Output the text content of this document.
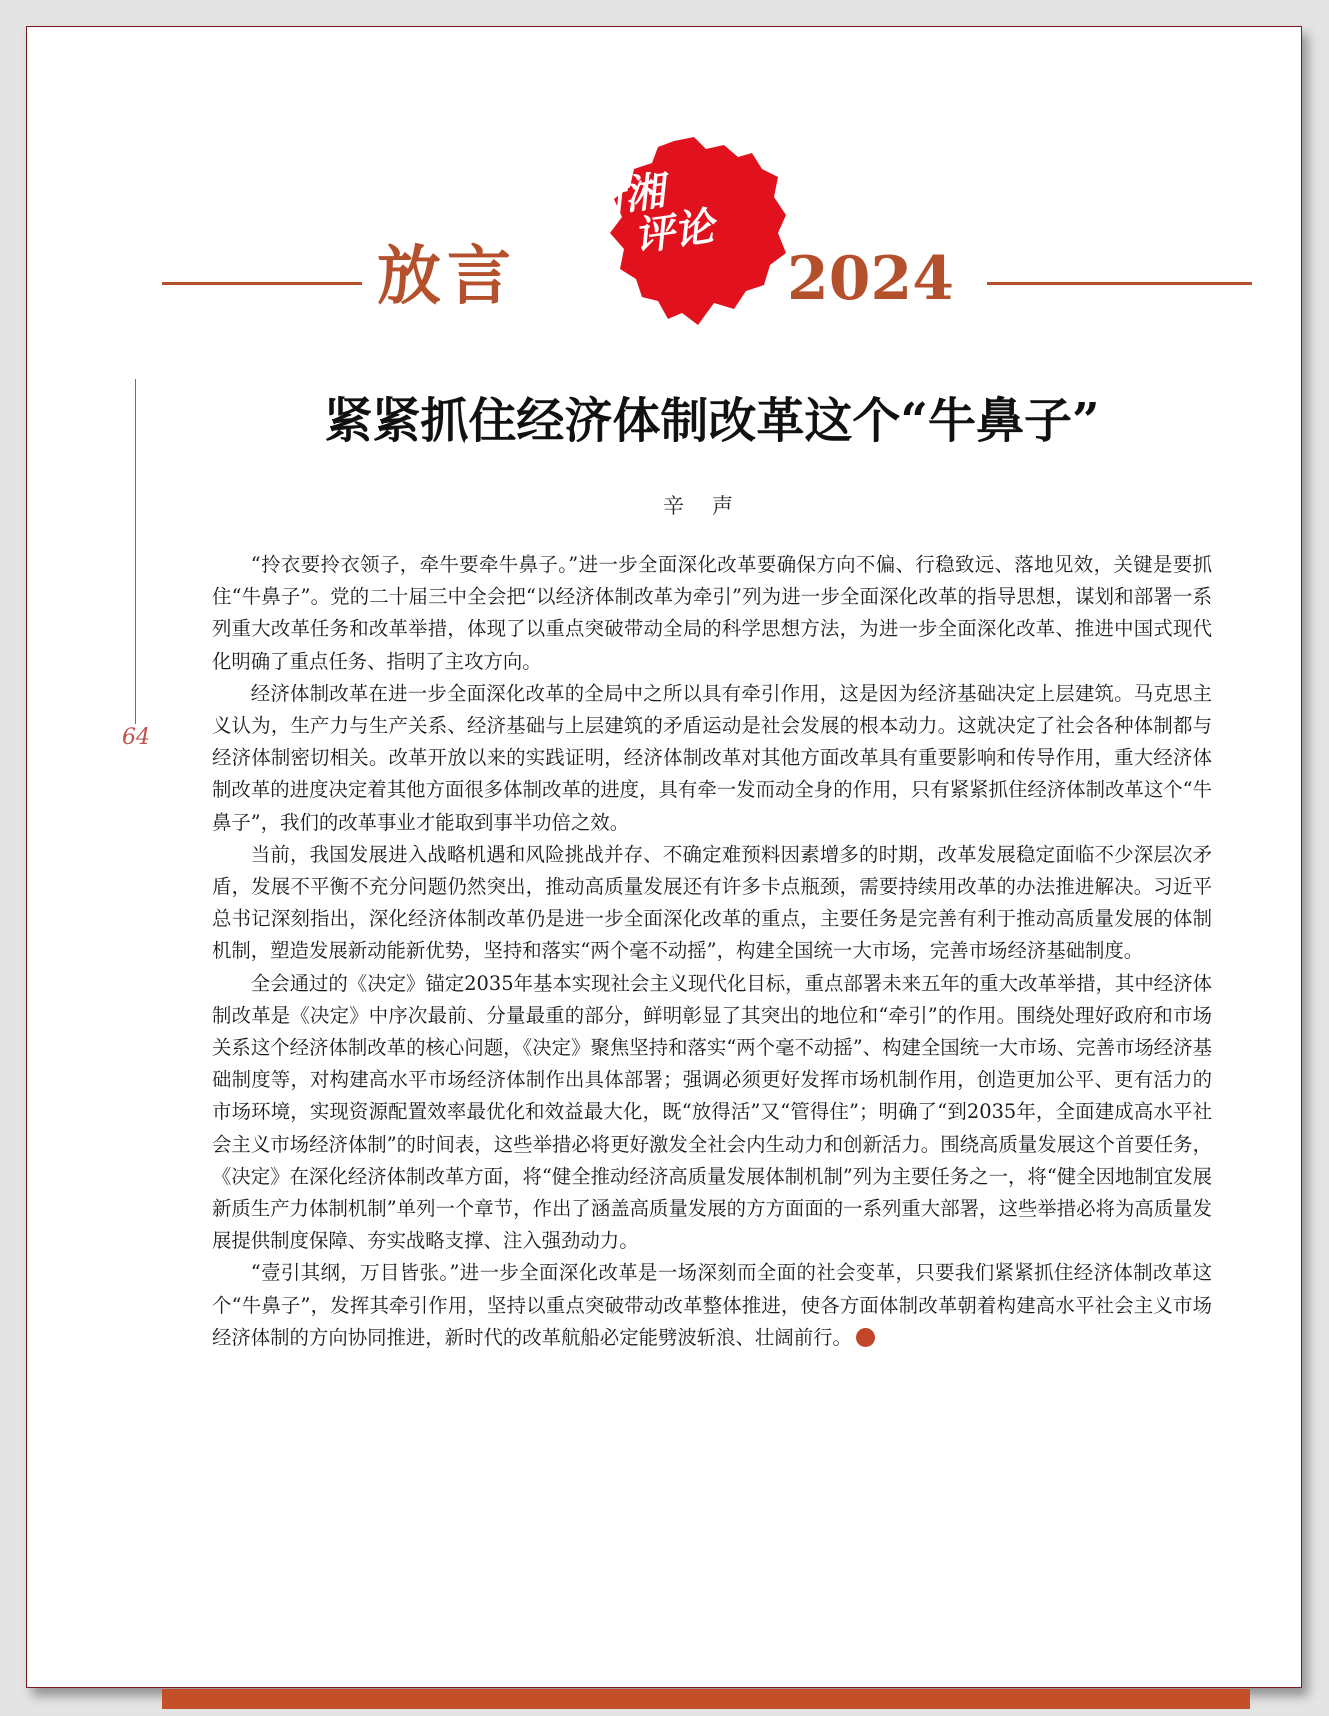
放言
新湘
评论
2024
64
紧紧抓住经济体制改革这个“牛鼻子”
辛声

“拎衣要拎衣领子，牵牛要牵牛鼻子。”进一步全面深化改革要确保方向不偏、行稳致远、落地见效，关键是要抓住“牛鼻子”。党的二十届三中全会把“以经济体制改革为牵引”列为进一步全面深化改革的指导思想，谋划和部署一系列重大改革任务和改革举措，体现了以重点突破带动全局的科学思想方法，为进一步全面深化改革、推进中国式现代化明确了重点任务、指明了主攻方向。

经济体制改革在进一步全面深化改革的全局中之所以具有牵引作用，这是因为经济基础决定上层建筑。马克思主义认为，生产力与生产关系、经济基础与上层建筑的矛盾运动是社会发展的根本动力。这就决定了社会各种体制都与经济体制密切相关。改革开放以来的实践证明，经济体制改革对其他方面改革具有重要影响和传导作用，重大经济体制改革的进度决定着其他方面很多体制改革的进度，具有牵一发而动全身的作用，只有紧紧抓住经济体制改革这个“牛鼻子”，我们的改革事业才能取到事半功倍之效。

当前，我国发展进入战略机遇和风险挑战并存、不确定难预料因素增多的时期，改革发展稳定面临不少深层次矛盾，发展不平衡不充分问题仍然突出，推动高质量发展还有许多卡点瓶颈，需要持续用改革的办法推进解决。习近平总书记深刻指出，深化经济体制改革仍是进一步全面深化改革的重点，主要任务是完善有利于推动高质量发展的体制机制，塑造发展新动能新优势，坚持和落实“两个毫不动摇”，构建全国统一大市场，完善市场经济基础制度。

全会通过的《决定》锚定2035年基本实现社会主义现代化目标，重点部署未来五年的重大改革举措，其中经济体制改革是《决定》中序次最前、分量最重的部分，鲜明彰显了其突出的地位和“牵引”的作用。围绕处理好政府和市场关系这个经济体制改革的核心问题，《决定》聚焦坚持和落实“两个毫不动摇”、构建全国统一大市场、完善市场经济基础制度等，对构建高水平市场经济体制作出具体部署；强调必须更好发挥市场机制作用，创造更加公平、更有活力的市场环境，实现资源配置效率最优化和效益最大化，既“放得活”又“管得住”；明确了“到2035年，全面建成高水平社会主义市场经济体制”的时间表，这些举措必将更好激发全社会内生动力和创新活力。围绕高质量发展这个首要任务，《决定》在深化经济体制改革方面，将“健全推动经济高质量发展体制机制”列为主要任务之一，将“健全因地制宜发展新质生产力体制机制”单列一个章节，作出了涵盖高质量发展的方方面面的一系列重大部署，这些举措必将为高质量发展提供制度保障、夯实战略支撑、注入强劲动力。

“壹引其纲，万目皆张。”进一步全面深化改革是一场深刻而全面的社会变革，只要我们紧紧抓住经济体制改革这个“牛鼻子”，发挥其牵引作用，坚持以重点突破带动改革整体推进，使各方面体制改革朝着构建高水平社会主义市场经济体制的方向协同推进，新时代的改革航船必定能劈波斩浪、壮阔前行。
